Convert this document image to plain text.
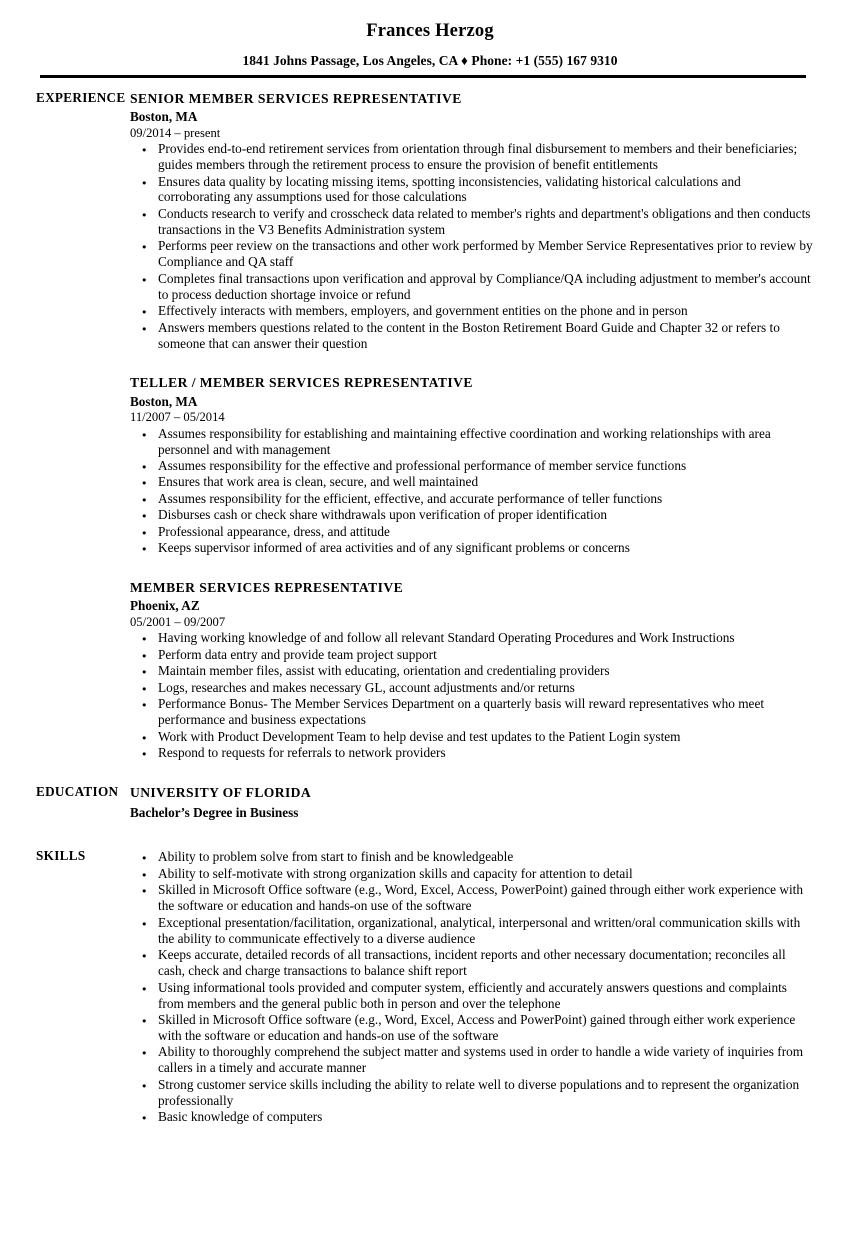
Frances Herzog
1841 Johns Passage, Los Angeles, CA ♦ Phone: +1 (555) 167 9310
EXPERIENCE SENIOR MEMBER SERVICES REPRESENTATIVE
Boston, MA
09/2014 – present
● Provides end-to-end retirement services from orientation through final disbursement to members and their beneficiaries; guides members through the retirement process to ensure the provision of benefit entitlements
● Ensures data quality by locating missing items, spotting inconsistencies, validating historical calculations and corroborating any assumptions used for those calculations
● Conducts research to verify and crosscheck data related to member's rights and department's obligations and then conducts transactions in the V3 Benefits Administration system
● Performs peer review on the transactions and other work performed by Member Service Representatives prior to review by Compliance and QA staff
● Completes final transactions upon verification and approval by Compliance/QA including adjustment to member's account to process deduction shortage invoice or refund
● Effectively interacts with members, employers, and government entities on the phone and in person
● Answers members questions related to the content in the Boston Retirement Board Guide and Chapter 32 or refers to someone that can answer their question
TELLER / MEMBER SERVICES REPRESENTATIVE
Boston, MA
11/2007 – 05/2014
● Assumes responsibility for establishing and maintaining effective coordination and working relationships with area personnel and with management
● Assumes responsibility for the effective and professional performance of member service functions
● Ensures that work area is clean, secure, and well maintained
● Assumes responsibility for the efficient, effective, and accurate performance of teller functions
● Disburses cash or check share withdrawals upon verification of proper identification
● Professional appearance, dress, and attitude
● Keeps supervisor informed of area activities and of any significant problems or concerns
MEMBER SERVICES REPRESENTATIVE
Phoenix, AZ
05/2001 – 09/2007
● Having working knowledge of and follow all relevant Standard Operating Procedures and Work Instructions
● Perform data entry and provide team project support
● Maintain member files, assist with educating, orientation and credentialing providers
● Logs, researches and makes necessary GL, account adjustments and/or returns
● Performance Bonus- The Member Services Department on a quarterly basis will reward representatives who meet performance and business expectations
● Work with Product Development Team to help devise and test updates to the Patient Login system
● Respond to requests for referrals to network providers
EDUCATION UNIVERSITY OF FLORIDA
Bachelor’s Degree in Business
SKILLS	● Ability to problem solve from start to finish and be knowledgeable
● Ability to self-motivate with strong organization skills and capacity for attention to detail
● Skilled in Microsoft Office software (e.g., Word, Excel, Access, PowerPoint) gained through either work experience with the software or education and hands-on use of the software
● Exceptional presentation/facilitation, organizational, analytical, interpersonal and written/oral communication skills with the ability to communicate effectively to a diverse audience
● Keeps accurate, detailed records of all transactions, incident reports and other necessary documentation; reconciles all cash, check and charge transactions to balance shift report
● Using informational tools provided and computer system, efficiently and accurately answers questions and complaints from members and the general public both in person and over the telephone
● Skilled in Microsoft Office software (e.g., Word, Excel, Access and PowerPoint) gained through either work experience with the software or education and hands-on use of the software
● Ability to thoroughly comprehend the subject matter and systems used in order to handle a wide variety of inquiries from callers in a timely and accurate manner
● Strong customer service skills including the ability to relate well to diverse populations and to represent the organization professionally
● Basic knowledge of computers
